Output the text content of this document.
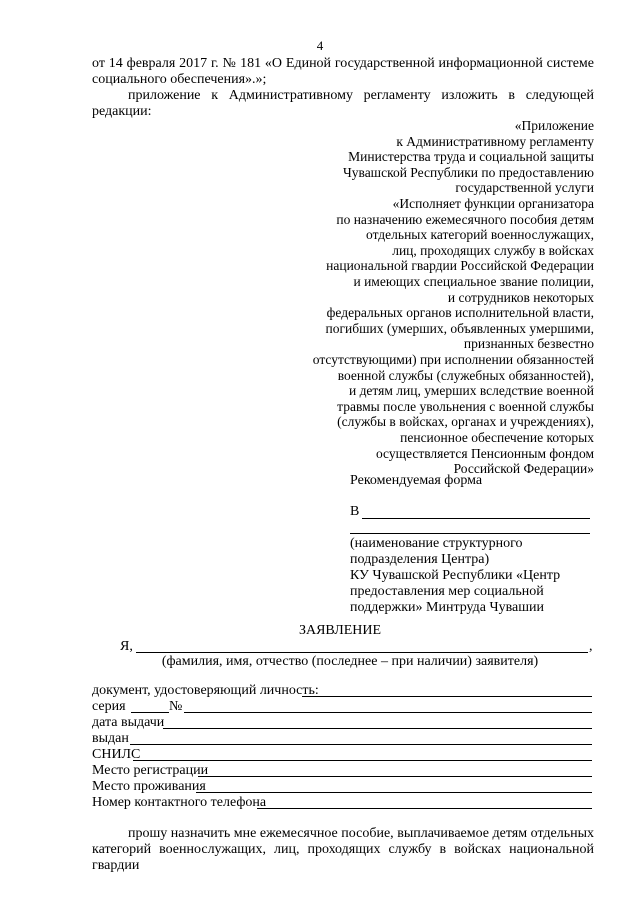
4
от 14 февраля 2017 г. № 181 «О Единой государственной информационной системе
социального обеспечения».»;
приложение к Административному регламенту изложить в следующей
редакции:
«Приложение
к Административному регламенту
Министерства труда и социальной защиты
Чувашской Республики по предоставлению
государственной услуги
«Исполняет функции организатора
по назначению ежемесячного пособия детям
отдельных категорий военнослужащих,
лиц, проходящих службу в войсках
национальной гвардии Российской Федерации
и имеющих специальное звание полиции,
и сотрудников некоторых
федеральных органов исполнительной власти,
погибших (умерших, объявленных умершими,
признанных безвестно
отсутствующими) при исполнении обязанностей
военной службы (служебных обязанностей),
и детям лиц, умерших вследствие военной
травмы после увольнения с военной службы
(службы в войсках, органах и учреждениях),
пенсионное обеспечение которых
осуществляется Пенсионным фондом
Российской Федерации»
Рекомендуемая форма
В
(наименование структурного
подразделения Центра)
КУ Чувашской Республики «Центр
предоставления мер социальной
поддержки» Минтруда Чувашии
ЗАЯВЛЕНИЕ
Я,	,
(фамилия, имя, отчество (последнее – при наличии) заявителя)
документ, удостоверяющий личность:
серия	№
дата выдачи
выдан
СНИЛС
Место регистрации
Место проживания
Номер контактного телефона
прошу назначить мне ежемесячное пособие, выплачиваемое детям отдельных
категорий военнослужащих, лиц, проходящих службу в войсках национальной гвардии
